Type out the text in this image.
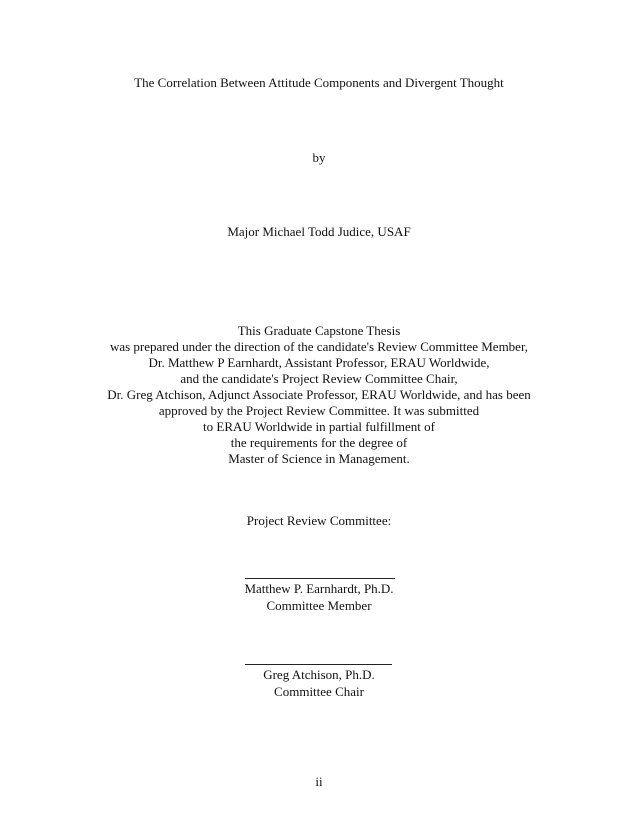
The Correlation Between Attitude Components and Divergent Thought
by
Major Michael Todd Judice, USAF
This Graduate Capstone Thesis
was prepared under the direction of the candidate's Review Committee Member,
Dr. Matthew P Earnhardt, Assistant Professor, ERAU Worldwide,
and the candidate's Project Review Committee Chair,
Dr. Greg Atchison, Adjunct Associate Professor, ERAU Worldwide, and has been
approved by the Project Review Committee. It was submitted
to ERAU Worldwide in partial fulfillment of
the requirements for the degree of
Master of Science in Management.
Project Review Committee:
Matthew P. Earnhardt, Ph.D.
Committee Member
Greg Atchison, Ph.D.
Committee Chair
ii
